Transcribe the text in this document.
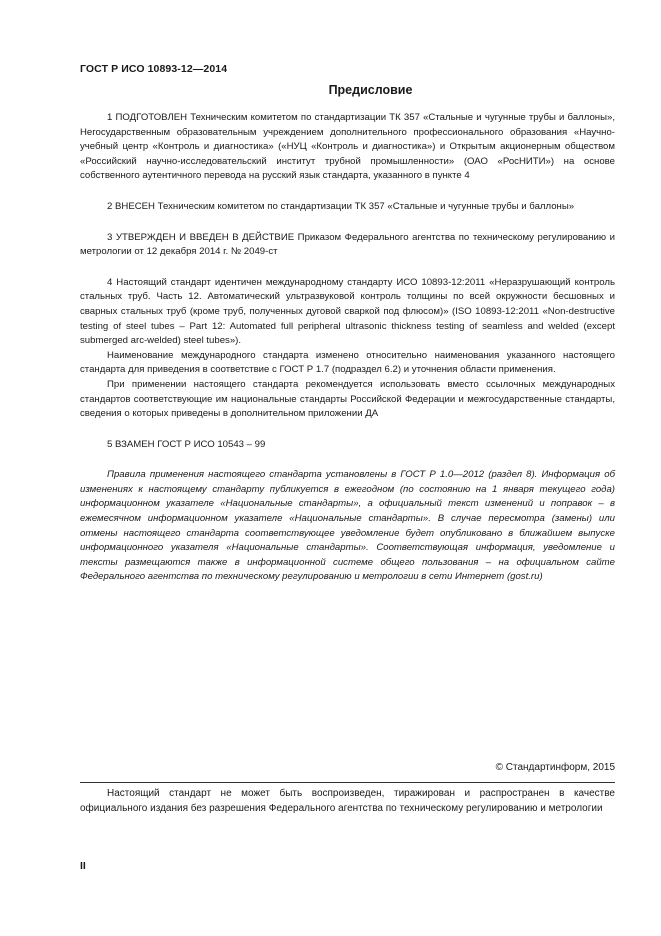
ГОСТ Р ИСО 10893-12—2014
Предисловие

1 ПОДГОТОВЛЕН Техническим комитетом по стандартизации ТК 357 «Стальные и чугунные трубы и баллоны», Негосударственным образовательным учреждением дополнительного профессионального образования «Научно-учебный центр «Контроль и диагностика» («НУЦ «Контроль и диагностика») и Открытым акционерным обществом «Российский научно-исследовательский институт трубной промышленности» (ОАО «РосНИТИ») на основе собственного аутентичного перевода на русский язык стандарта, указанного в пункте 4

2 ВНЕСЕН Техническим комитетом по стандартизации ТК 357 «Стальные и чугунные трубы и баллоны»

3 УТВЕРЖДЕН И ВВЕДЕН В ДЕЙСТВИЕ Приказом Федерального агентства по техническому регулированию и метрологии от 12 декабря 2014 г. № 2049-ст

4 Настоящий стандарт идентичен международному стандарту ИСО 10893-12:2011 «Неразрушающий контроль стальных труб. Часть 12. Автоматический ультразвуковой контроль толщины по всей окружности бесшовных и сварных стальных труб (кроме труб, полученных дуговой сваркой под флюсом)» (ISO 10893-12:2011 «Non-destructive testing of steel tubes – Part 12: Automated full peripheral ultrasonic thickness testing of seamless and welded (except submerged arc-welded) steel tubes»).

Наименование международного стандарта изменено относительно наименования указанного настоящего стандарта для приведения в соответствие с ГОСТ Р 1.7 (подраздел 6.2) и уточнения области применения.

При применении настоящего стандарта рекомендуется использовать вместо ссылочных международных стандартов соответствующие им национальные стандарты Российской Федерации и межгосударственные стандарты, сведения о которых приведены в дополнительном приложении ДА

5 ВЗАМЕН ГОСТ Р ИСО 10543 – 99

Правила применения настоящего стандарта установлены в ГОСТ Р 1.0—2012 (раздел 8). Информация об изменениях к настоящему стандарту публикуется в ежегодном (по состоянию на 1 января текущего года) информационном указателе «Национальные стандарты», а официальный текст изменений и поправок – в ежемесячном информационном указателе «Национальные стандарты». В случае пересмотра (замены) или отмены настоящего стандарта соответствующее уведомление будет опубликовано в ближайшем выпуске информационного указателя «Национальные стандарты». Соответствующая информация, уведомление и тексты размещаются также в информационной системе общего пользования – на официальном сайте Федерального агентства по техническому регулированию и метрологии в сети Интернет (gost.ru)

© Стандартинформ, 2015

Настоящий стандарт не может быть воспроизведен, тиражирован и распространен в качестве официального издания без разрешения Федерального агентства по техническому регулированию и метрологии

II
